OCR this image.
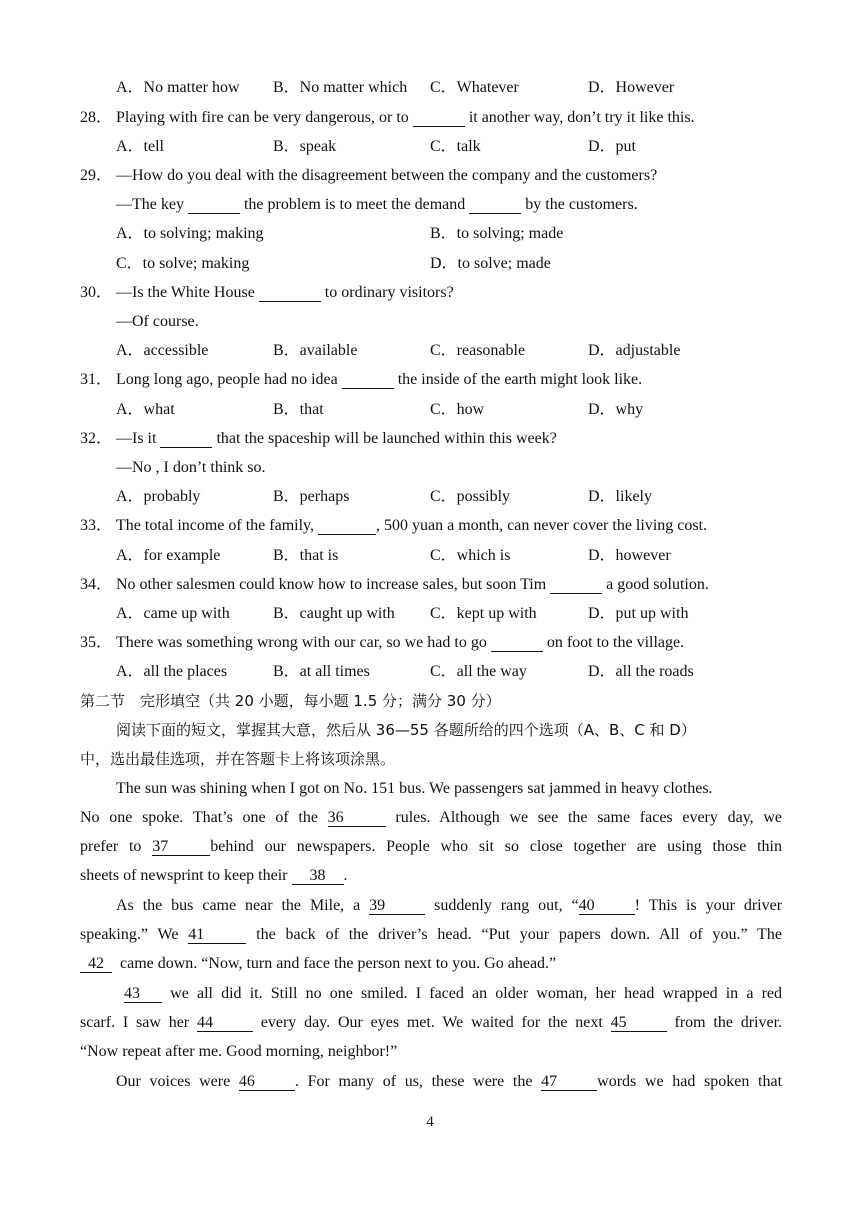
A．No matter how B．No matter which C．Whatever	D．However
28． Playing with fire can be very dangerous, or to	it another way, don’t try it like this.
A．tell	B．speak	C．talk	D．put
29． —How do you deal with the disagreement between the company and the customers?
—The key	the problem is to meet the demand	by the customers.
A．to solving; making	B．to solving; made
C．to solve; making	D．to solve; made
30． —Is the White House	to ordinary visitors?
—Of course.
A．accessible	B．available	C．reasonable	D．adjustable
31． Long long ago, people had no idea	the inside of the earth might look like.
A．what	B．that	C．how	D．why
32． —Is it	that the spaceship will be launched within this week?
—No , I don’t think so.
A．probably	B．perhaps	C．possibly	D．likely
33． The total income of the family,	, 500 yuan a month, can never cover the living cost.
A．for example	B．that is	C．which is	D．however
34． No other salesmen could know how to increase sales, but soon Tim	a good solution.
A．came up with	B．caught up with C．kept up with	D．put up with
35． There was something wrong with our car, so we had to go	on foot to the village.
A．all the places	B．at all times	C．all the way	D．all the roads
第二节　完形填空（共 20 小题，每小题 1.5 分；满分 30 分）
阅读下面的短文，掌握其大意，然后从 36—55 各题所给的四个选项（A、B、C 和 D）
中，选出最佳选项，并在答题卡上将该项涂黑。
The sun was shining when I got on No. 151 bus. We passengers sat jammed in heavy clothes.
No one spoke. That’s one of the 36	rules. Although we see the same faces every day, we
prefer to 37	behind our newspapers. People who sit so close together are using those thin
sheets of newsprint to keep their 38 .
As the bus came near the Mile, a 39	suddenly rang out, “40	! This is your driver
speaking.” We 41	the back of the driver’s head. “Put your papers down. All of you.” The
42 came down. “Now, turn and face the person next to you. Go ahead.”
43 we all did it. Still no one smiled. I faced an older woman, her head wrapped in a red
scarf. I saw her 44	every day. Our eyes met. We waited for the next 45	from the driver.
“Now repeat after me. Good morning, neighbor!”
Our voices were 46	. For many of us, these were the 47	words we had spoken that
4
